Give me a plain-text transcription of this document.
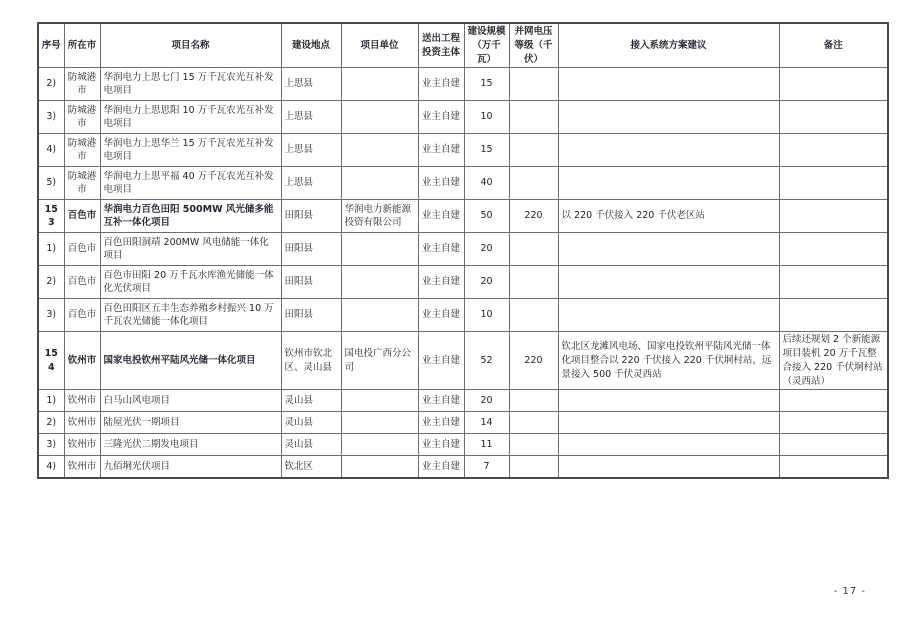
序号	所在市	项目名称	建设地点	项目单位	送出工程投资主体	建设规模（万千瓦）	并网电压等级（千伏）	接入系统方案建议	备注
2)	防城港市	华润电力上思七门 15 万千瓦农光互补发电项目	上思县		业主自建	15			
3)	防城港市	华润电力上思思阳 10 万千瓦农光互补发电项目	上思县		业主自建	10			
4)	防城港市	华润电力上思华兰 15 万千瓦农光互补发电项目	上思县		业主自建	15			
5)	防城港市	华润电力上思平福 40 万千瓦农光互补发电项目	上思县		业主自建	40			
153	百色市	华润电力百色田阳 500MW 风光储多能互补一体化项目	田阳县	华润电力新能源投资有限公司	业主自建	50	220	以 220 千伏接入 220 千伏老区站	
1)	百色市	百色田阳洞靖 200MW 风电储能一体化项目	田阳县		业主自建	20			
2)	百色市	百色市田阳 20 万千瓦水库渔光储能一体化光伏项目	田阳县		业主自建	20			
3)	百色市	百色田阳区五丰生态养殖乡村振兴 10 万千瓦农光储能一体化项目	田阳县		业主自建	10			
154	钦州市	国家电投钦州平陆风光储一体化项目	钦州市钦北区、灵山县	国电投广西分公司	业主自建	52	220	钦北区龙滩风电场、国家电投钦州平陆风光储一体化项目整合以 220 千伏接入 220 千伏垌村站，远景接入 500 千伏灵西站	后续还规划 2 个新能源项目装机 20 万千瓦整合接入 220 千伏垌村站（灵西站）
1)	钦州市	白马山风电项目	灵山县		业主自建	20			
2)	钦州市	陆屋光伏一期项目	灵山县		业主自建	14			
3)	钦州市	三隆光伏二期发电项目	灵山县		业主自建	11			
4)	钦州市	九佰垌光伏项目	钦北区		业主自建	7			
- 17 -
